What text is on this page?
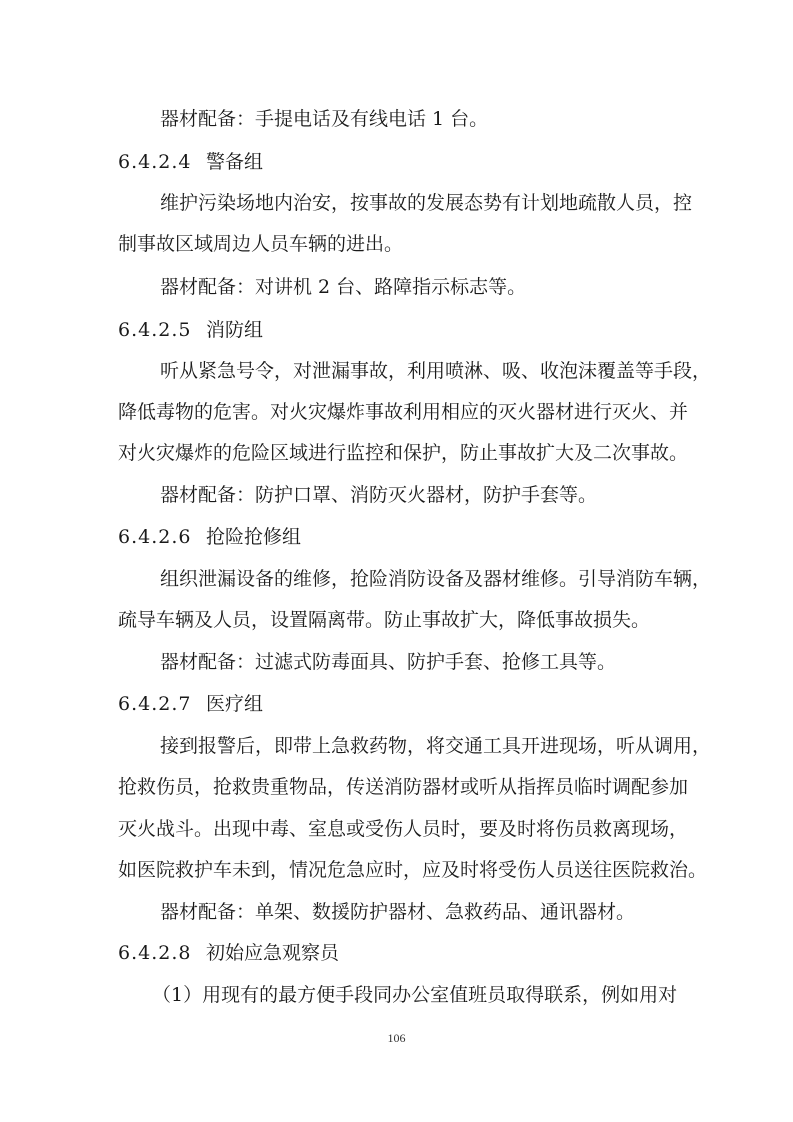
器材配备：手提电话及有线电话 1 台。

6.4.2.4 警备组

维护污染场地内治安，按事故的发展态势有计划地疏散人员，控

制事故区域周边人员车辆的进出。

器材配备：对讲机 2 台、路障指示标志等。

6.4.2.5 消防组

听从紧急号令，对泄漏事故，利用喷淋、吸、收泡沫覆盖等手段，

降低毒物的危害。对火灾爆炸事故利用相应的灭火器材进行灭火、并

对火灾爆炸的危险区域进行监控和保护，防止事故扩大及二次事故。

器材配备：防护口罩、消防灭火器材，防护手套等。

6.4.2.6 抢险抢修组

组织泄漏设备的维修，抢险消防设备及器材维修。引导消防车辆，

疏导车辆及人员，设置隔离带。防止事故扩大，降低事故损失。

器材配备：过滤式防毒面具、防护手套、抢修工具等。

6.4.2.7 医疗组

接到报警后，即带上急救药物，将交通工具开进现场，听从调用，

抢救伤员，抢救贵重物品，传送消防器材或听从指挥员临时调配参加

灭火战斗。出现中毒、室息或受伤人员时，要及时将伤员救离现场，

如医院救护车未到，情况危急应时，应及时将受伤人员送往医院救治。

器材配备：单架、数援防护器材、急救药品、通讯器材。

6.4.2.8 初始应急观察员

（1）用现有的最方便手段同办公室值班员取得联系，例如用对

106
